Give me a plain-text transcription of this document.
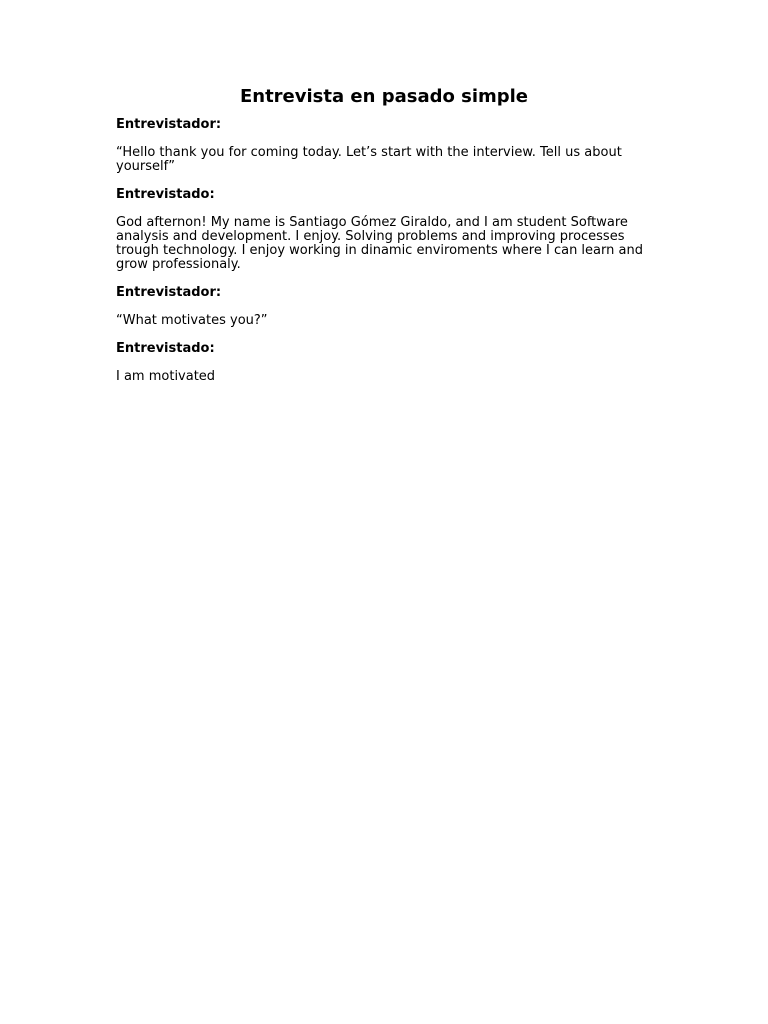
Entrevista en pasado simple
Entrevistador:
“Hello thank you for coming today. Let’s start with the interview. Tell us about yourself”
Entrevistado:
God afternon! My name is Santiago Gómez Giraldo, and I am student Software analysis and development. I enjoy. Solving problems and improving processes trough technology. I enjoy working in dinamic enviroments where I can learn and grow professionaly.
Entrevistador:
“What motivates you?”
Entrevistado:
I am motivated
